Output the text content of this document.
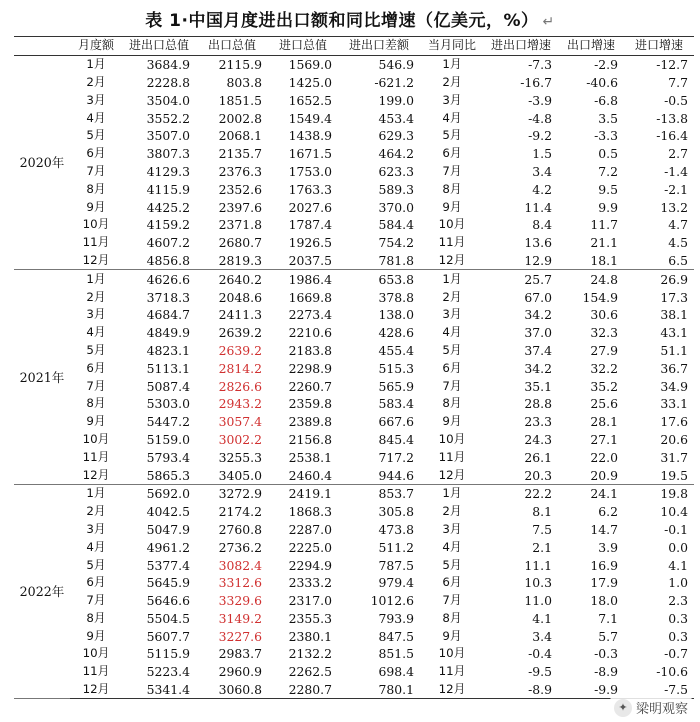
表 1·中国月度进出口额和同比增速（亿美元，%） ↵
	月度额	进出口总值	出口总值	进口总值	进出口差额	当月同比	进出口增速	出口增速	进口增速
2020年	1月	3684.9	2115.9	1569.0	546.9	1月	-7.3	-2.9	-12.7
	2月	2228.8	803.8	1425.0	-621.2	2月	-16.7	-40.6	7.7
	3月	3504.0	1851.5	1652.5	199.0	3月	-3.9	-6.8	-0.5
	4月	3552.2	2002.8	1549.4	453.4	4月	-4.8	3.5	-13.8
	5月	3507.0	2068.1	1438.9	629.3	5月	-9.2	-3.3	-16.4
	6月	3807.3	2135.7	1671.5	464.2	6月	1.5	0.5	2.7
	7月	4129.3	2376.3	1753.0	623.3	7月	3.4	7.2	-1.4
	8月	4115.9	2352.6	1763.3	589.3	8月	4.2	9.5	-2.1
	9月	4425.2	2397.6	2027.6	370.0	9月	11.4	9.9	13.2
	10月	4159.2	2371.8	1787.4	584.4	10月	8.4	11.7	4.7
	11月	4607.2	2680.7	1926.5	754.2	11月	13.6	21.1	4.5
	12月	4856.8	2819.3	2037.5	781.8	12月	12.9	18.1	6.5
2021年	1月	4626.6	2640.2	1986.4	653.8	1月	25.7	24.8	26.9
	2月	3718.3	2048.6	1669.8	378.8	2月	67.0	154.9	17.3
	3月	4684.7	2411.3	2273.4	138.0	3月	34.2	30.6	38.1
	4月	4849.9	2639.2	2210.6	428.6	4月	37.0	32.3	43.1
	5月	4823.1	2639.2	2183.8	455.4	5月	37.4	27.9	51.1
	6月	5113.1	2814.2	2298.9	515.3	6月	34.2	32.2	36.7
	7月	5087.4	2826.6	2260.7	565.9	7月	35.1	35.2	34.9
	8月	5303.0	2943.2	2359.8	583.4	8月	28.8	25.6	33.1
	9月	5447.2	3057.4	2389.8	667.6	9月	23.3	28.1	17.6
	10月	5159.0	3002.2	2156.8	845.4	10月	24.3	27.1	20.6
	11月	5793.4	3255.3	2538.1	717.2	11月	26.1	22.0	31.7
	12月	5865.3	3405.0	2460.4	944.6	12月	20.3	20.9	19.5
2022年	1月	5692.0	3272.9	2419.1	853.7	1月	22.2	24.1	19.8
	2月	4042.5	2174.2	1868.3	305.8	2月	8.1	6.2	10.4
	3月	5047.9	2760.8	2287.0	473.8	3月	7.5	14.7	-0.1
	4月	4961.2	2736.2	2225.0	511.2	4月	2.1	3.9	0.0
	5月	5377.4	3082.4	2294.9	787.5	5月	11.1	16.9	4.1
	6月	5645.9	3312.6	2333.2	979.4	6月	10.3	17.9	1.0
	7月	5646.6	3329.6	2317.0	1012.6	7月	11.0	18.0	2.3
	8月	5504.5	3149.2	2355.3	793.9	8月	4.1	7.1	0.3
	9月	5607.7	3227.6	2380.1	847.5	9月	3.4	5.7	0.3
	10月	5115.9	2983.7	2132.2	851.5	10月	-0.4	-0.3	-0.7
	11月	5223.4	2960.9	2262.5	698.4	11月	-9.5	-8.9	-10.6
	12月	5341.4	3060.8	2280.7	780.1	12月	-8.9	-9.9	-7.5
✦ 梁明观察
